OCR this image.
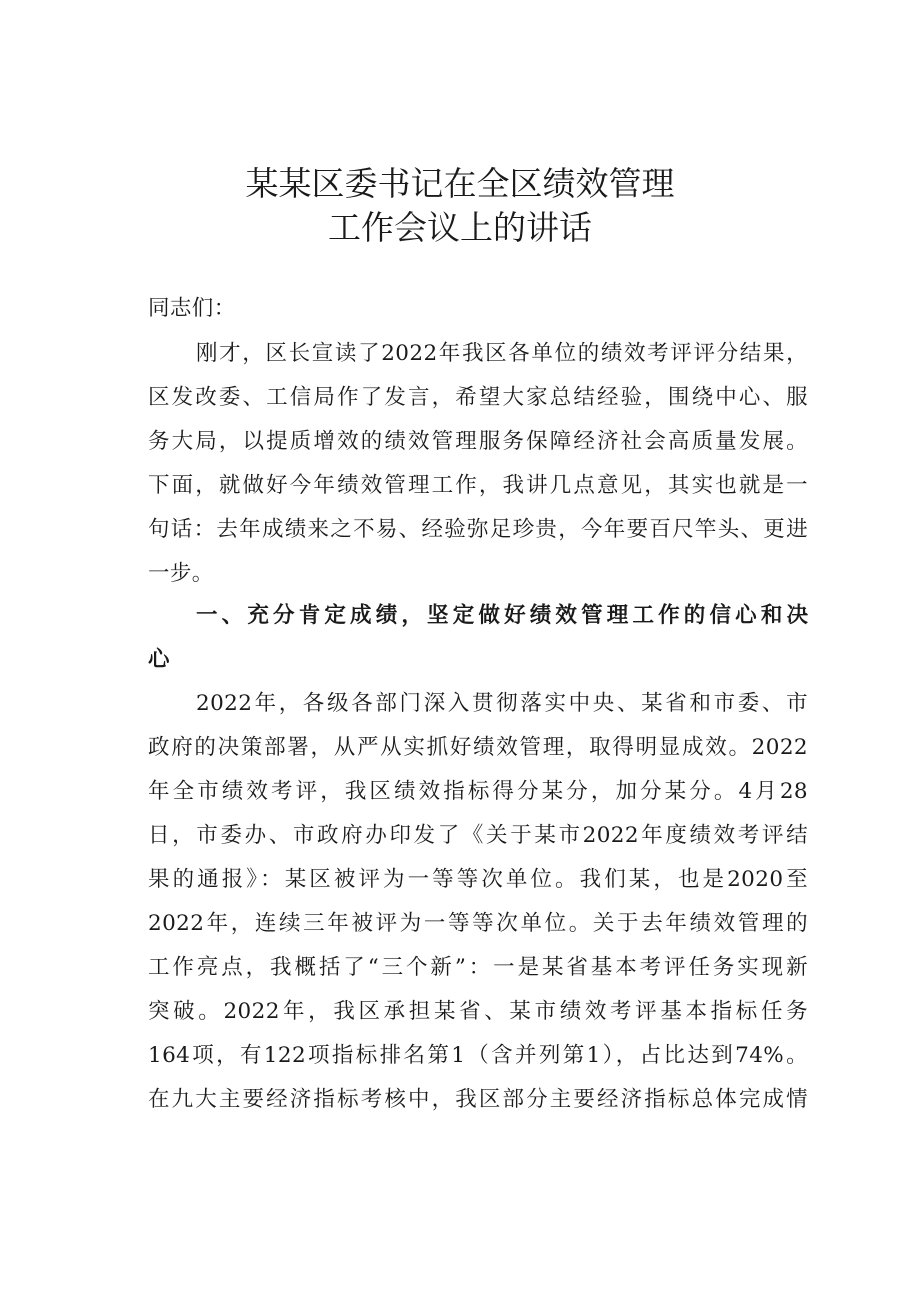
某某区委书记在全区绩效管理
工作会议上的讲话
同志们：
刚才，区长宣读了2022年我区各单位的绩效考评评分结果，
区发改委、工信局作了发言，希望大家总结经验，围绕中心、服
务大局，以提质增效的绩效管理服务保障经济社会高质量发展。
下面，就做好今年绩效管理工作，我讲几点意见，其实也就是一
句话：去年成绩来之不易、经验弥足珍贵，今年要百尺竿头、更进
一步。
一、充分肯定成绩，坚定做好绩效管理工作的信心和决
心
2022年，各级各部门深入贯彻落实中央、某省和市委、市
政府的决策部署，从严从实抓好绩效管理，取得明显成效。2022
年全市绩效考评，我区绩效指标得分某分，加分某分。4月28
日，市委办、市政府办印发了《关于某市2022年度绩效考评结
果的通报》：某区被评为一等等次单位。我们某，也是2020至
2022年，连续三年被评为一等等次单位。关于去年绩效管理的
工作亮点，我概括了“三个新”：一是某省基本考评任务实现新
突破。2022年，我区承担某省、某市绩效考评基本指标任务
164项，有122项指标排名第1（含并列第1），占比达到74%。
在九大主要经济指标考核中，我区部分主要经济指标总体完成情
